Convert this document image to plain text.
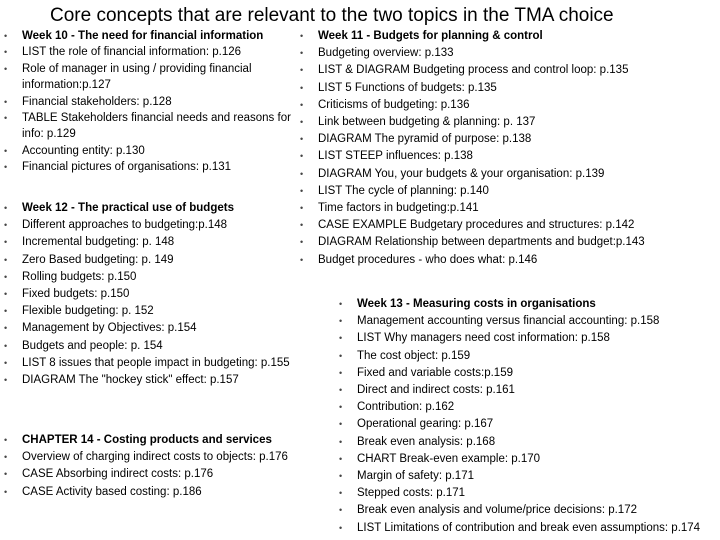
Core concepts that are relevant to the two topics in the TMA choice
• Week 10 - The need for financial information
• LIST the role of financial information: p.126
• Role of manager in using / providing financial information:p.127
• Financial stakeholders: p.128
• TABLE Stakeholders financial needs and reasons for info: p.129
• Accounting entity: p.130
• Financial pictures of organisations: p.131
• Week 12 - The practical use of budgets
• Different approaches to budgeting:p.148
• Incremental budgeting: p. 148
• Zero Based budgeting: p. 149
• Rolling budgets: p.150
• Fixed budgets: p.150
• Flexible budgeting: p. 152
• Management by Objectives: p.154
• Budgets and people: p. 154
• LIST 8 issues that people impact in budgeting: p.155
• DIAGRAM The "hockey stick" effect: p.157
• CHAPTER 14 - Costing products and services
• Overview of charging indirect costs to objects: p.176
• CASE Absorbing indirect costs: p.176
• CASE Activity based costing: p.186
• Week 11 - Budgets for planning & control
• Budgeting overview: p.133
• LIST & DIAGRAM Budgeting process and control loop: p.135
• LIST 5 Functions of budgets: p.135
• Criticisms of budgeting: p.136
• Link between budgeting & planning: p. 137
• DIAGRAM The pyramid of purpose: p.138
• LIST STEEP influences: p.138
• DIAGRAM You, your budgets & your organisation: p.139
• LIST The cycle of planning: p.140
• Time factors in budgeting:p.141
• CASE EXAMPLE Budgetary procedures and structures: p.142
• DIAGRAM Relationship between departments and budget:p.143
• Budget procedures - who does what: p.146
• Week 13 - Measuring costs in organisations
• Management accounting versus financial accounting: p.158
• LIST Why managers need cost information: p.158
• The cost object: p.159
• Fixed and variable costs:p.159
• Direct and indirect costs: p.161
• Contribution: p.162
• Operational gearing: p.167
• Break even analysis: p.168
• CHART Break-even example: p.170
• Margin of safety: p.171
• Stepped costs: p.171
• Break even analysis and volume/price decisions: p.172
• LIST Limitations of contribution and break even assumptions: p.174
